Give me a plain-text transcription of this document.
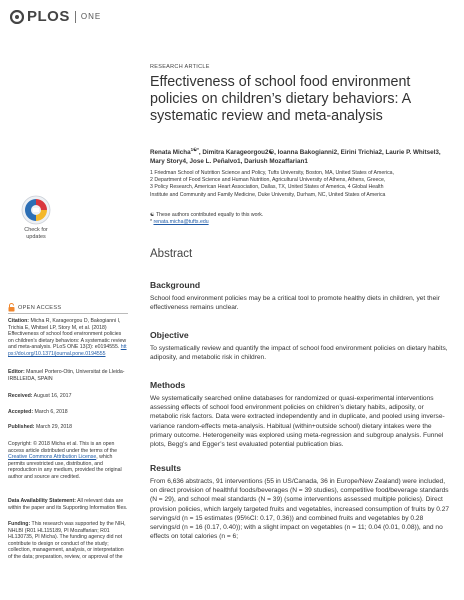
PLOS ONE
RESEARCH ARTICLE
Effectiveness of school food environment policies on children’s dietary behaviors: A systematic review and meta-analysis
Renata Micha$^{1☯*}$, Dimitra Karageorgou2☯, Ioanna Bakogianni2, Eirini Trichia2, Laurie P. Whitsel3, Mary Story4, Jose L. Peñalvo1, Dariush Mozaffarian1
1 Friedman School of Nutrition Science and Policy, Tufts University, Boston, MA, United States of America,
2 Department of Food Science and Human Nutrition, Agricultural University of Athens, Athens, Greece,
3 Policy Research, American Heart Association, Dallas, TX, United States of America, 4 Global Health
Institute and Community and Family Medicine, Duke University, Durham, NC, United States of America
☯ These authors contributed equally to this work.
* renata.micha@tufts.edu
Abstract
Background
School food environment policies may be a critical tool to promote healthy diets in children, yet their effectiveness remains unclear.
Objective
To systematically review and quantify the impact of school food environment policies on dietary habits, adiposity, and metabolic risk in children.
Methods
We systematically searched online databases for randomized or quasi-experimental interventions assessing effects of school food environment policies on children’s dietary habits, adiposity, or metabolic risk factors. Data were extracted independently and in duplicate, and pooled using inverse-variance random-effects meta-analysis. Habitual (within+outside school) dietary intakes were the primary outcome. Heterogeneity was explored using meta-regression and subgroup analysis. Funnel plots, Begg’s and Egger’s test evaluated potential publication bias.
Results
From 6,636 abstracts, 91 interventions (55 in US/Canada, 36 in Europe/New Zealand) were included, on direct provision of healthful foods/beverages (N = 39 studies), competitive food/beverage standards (N = 29), and school meal standards (N = 39) (some interventions assessed multiple policies). Direct provision policies, which largely targeted fruits and vegetables, increased consumption of fruits by 0.27 servings/d (n = 15 estimates (95%CI: 0.17, 0.36)) and combined fruits and vegetables by 0.28 servings/d (n = 16 (0.17, 0.40)); with a slight impact on vegetables (n = 11; 0.04 (0.01, 0.08)), and no effects on total calories (n = 6;
Check for
updates
OPEN ACCESS
Citation: Micha R, Karageorgou D, Bakogianni I, Trichia E, Whitsel LP, Story M, et al. (2018) Effectiveness of school food environment policies on children’s dietary behaviors: A systematic review and meta-analysis. PLoS ONE 13(3): e0194555. https://doi.org/10.1371/journal.pone.0194555
Editor: Manuel Portero-Otin, Universitat de Lleida-IRBLLEIDA, SPAIN
Received: August 16, 2017
Accepted: March 6, 2018
Published: March 29, 2018
Copyright: © 2018 Micha et al. This is an open access article distributed under the terms of the Creative Commons Attribution License, which permits unrestricted use, distribution, and reproduction in any medium, provided the original author and source are credited.
Data Availability Statement: All relevant data are within the paper and its Supporting Information files.
Funding: This research was supported by the NIH, NHLBI (R01 HL115189, PI Mozaffarian; R01 HL130735, PI Micha). The funding agency did not contribute to design or conduct of the study; collection, management, analysis, or interpretation of the data; preparation, review, or approval of the
